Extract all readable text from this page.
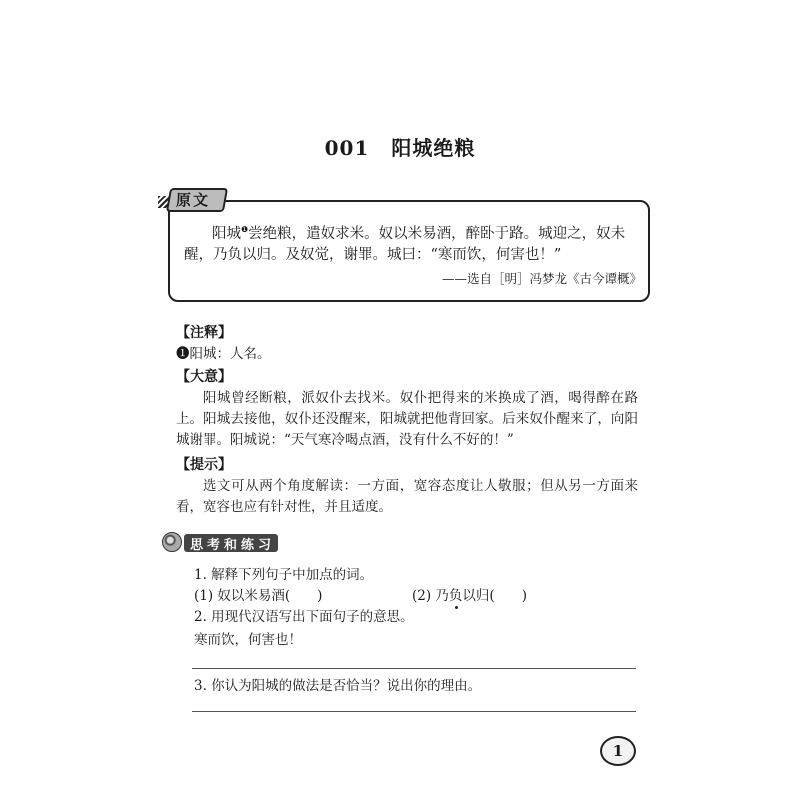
001 阳城绝粮
原文
阳城$^❶$尝绝粮，遣奴求米。奴以米易酒，醉卧于路。城迎之，奴未
醒，乃负以归。及奴觉，谢罪。城曰：“寒而饮，何害也！”
——选自［明］冯梦龙《古今谭概》
【注释】
❶阳城：人名。
【大意】
阳城曾经断粮，派奴仆去找米。奴仆把得来的米换成了酒，喝得醉在路上。阳城去接他，奴仆还没醒来，阳城就把他背回家。后来奴仆醒来了，向阳城谢罪。阳城说：“天气寒冷喝点酒，没有什么不好的！”
【提示】
选文可从两个角度解读：一方面，宽容态度让人敬服；但从另一方面来看，宽容也应有针对性，并且适度。
思考和练习
1. 解释下列句子中加点的词。
(1) 奴以米易酒(　　)	(2) 乃负以归(　　)
2. 用现代汉语写出下面句子的意思。
寒而饮，何害也！
3. 你认为阳城的做法是否恰当？说出你的理由。
1
